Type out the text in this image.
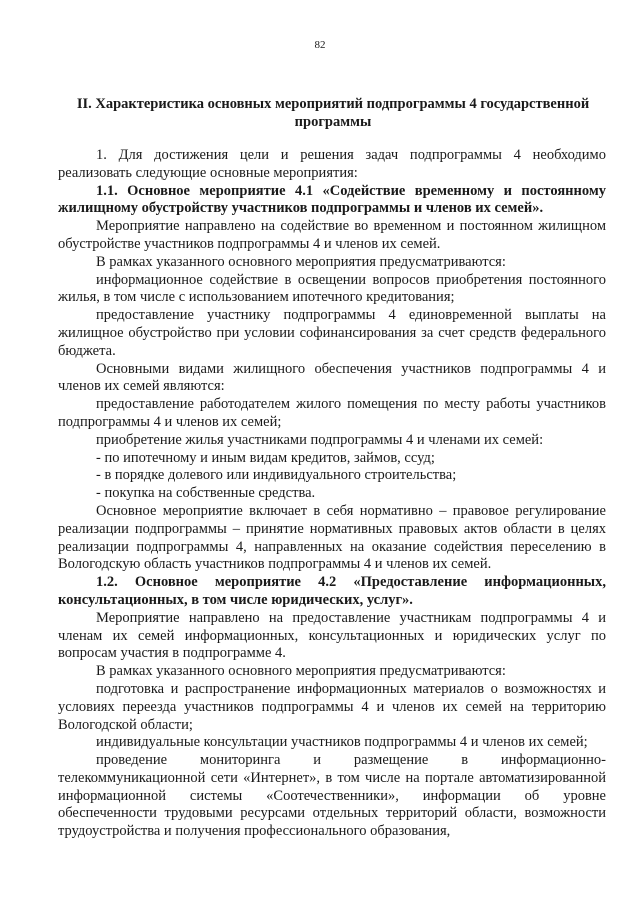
82
II. Характеристика основных мероприятий подпрограммы 4 государственной программы

1. Для достижения цели и решения задач подпрограммы 4 необходимо реализовать следующие основные мероприятия:

1.1. Основное мероприятие 4.1 «Содействие временному и постоянному жилищному обустройству участников подпрограммы и членов их семей».

Мероприятие направлено на содействие во временном и постоянном жилищном обустройстве участников подпрограммы 4 и членов их семей.

В рамках указанного основного мероприятия предусматриваются:

информационное содействие в освещении вопросов приобретения постоянного жилья, в том числе с использованием ипотечного кредитования;

предоставление участнику подпрограммы 4 единовременной выплаты на жилищное обустройство при условии софинансирования за счет средств федерального бюджета.

Основными видами жилищного обеспечения участников подпрограммы 4 и членов их семей являются:

предоставление работодателем жилого помещения по месту работы участников подпрограммы 4 и членов их семей;

приобретение жилья участниками подпрограммы 4 и членами их семей:

- по ипотечному и иным видам кредитов, займов, ссуд;

- в порядке долевого или индивидуального строительства;

- покупка на собственные средства.

Основное мероприятие включает в себя нормативно – правовое регулирование реализации подпрограммы – принятие нормативных правовых актов области в целях реализации подпрограммы 4, направленных на оказание содействия переселению в Вологодскую область участников подпрограммы 4 и членов их семей.

1.2. Основное мероприятие 4.2 «Предоставление информационных, консультационных, в том числе юридических, услуг».

Мероприятие направлено на предоставление участникам подпрограммы 4 и членам их семей информационных, консультационных и юридических услуг по вопросам участия в подпрограмме 4.

В рамках указанного основного мероприятия предусматриваются:

подготовка и распространение информационных материалов о возможностях и условиях переезда участников подпрограммы 4 и членов их семей на территорию Вологодской области;

индивидуальные консультации участников подпрограммы 4 и членов их семей;

проведение мониторинга и размещение в информационно-телекоммуникационной сети «Интернет», в том числе на портале автоматизированной информационной системы «Соотечественники», информации об уровне обеспеченности трудовыми ресурсами отдельных территорий области, возможности трудоустройства и получения профессионального образования,
